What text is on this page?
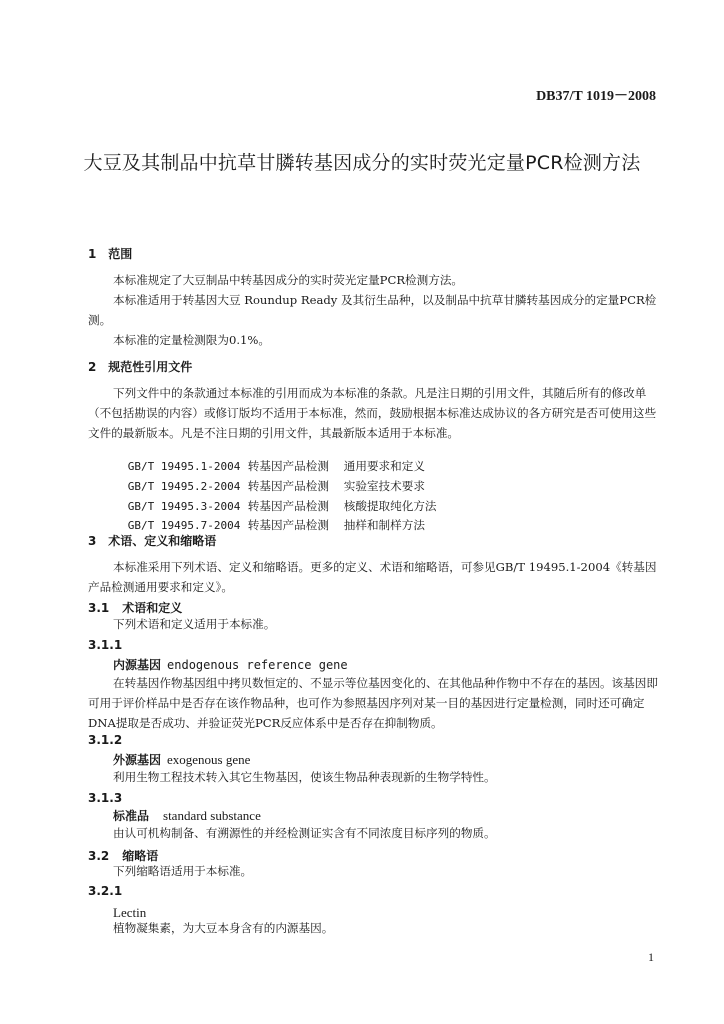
DB37/T 1019－2008
大豆及其制品中抗草甘膦转基因成分的实时荧光定量PCR检测方法
1 范围
本标准规定了大豆制品中转基因成分的实时荧光定量PCR检测方法。
本标准适用于转基因大豆 Roundup Ready 及其衍生品种，以及制品中抗草甘膦转基因成分的定量PCR检测。
本标准的定量检测限为0.1%。
2 规范性引用文件
下列文件中的条款通过本标准的引用而成为本标准的条款。凡是注日期的引用文件，其随后所有的修改单（不包括勘误的内容）或修订版均不适用于本标准，然而，鼓励根据本标准达成协议的各方研究是否可使用这些文件的最新版本。凡是不注日期的引用文件，其最新版本适用于本标准。

GB/T 19495.1-2004 转基因产品检测 通用要求和定义

GB/T 19495.2-2004 转基因产品检测 实验室技术要求

GB/T 19495.3-2004 转基因产品检测 核酸提取纯化方法

GB/T 19495.7-2004 转基因产品检测 抽样和制样方法

3 术语、定义和缩略语
本标准采用下列术语、定义和缩略语。更多的定义、术语和缩略语，可参见GB/T 19495.1-2004《转基因产品检测通用要求和定义》。
3.1 术语和定义
下列术语和定义适用于本标准。
3.1.1
内源基因 endogenous reference gene
在转基因作物基因组中拷贝数恒定的、不显示等位基因变化的、在其他品种作物中不存在的基因。该基因即可用于评价样品中是否存在该作物品种，也可作为参照基因序列对某一目的基因进行定量检测，同时还可确定DNA提取是否成功、并验证荧光PCR反应体系中是否存在抑制物质。
3.1.2
外源基因 exogenous gene
利用生物工程技术转入其它生物基因，使该生物品种表现新的生物学特性。
3.1.3
标准品 standard substance
由认可机构制备、有溯源性的并经检测证实含有不同浓度目标序列的物质。
3.2 缩略语
下列缩略语适用于本标准。
3.2.1
Lectin
植物凝集素，为大豆本身含有的内源基因。
1
